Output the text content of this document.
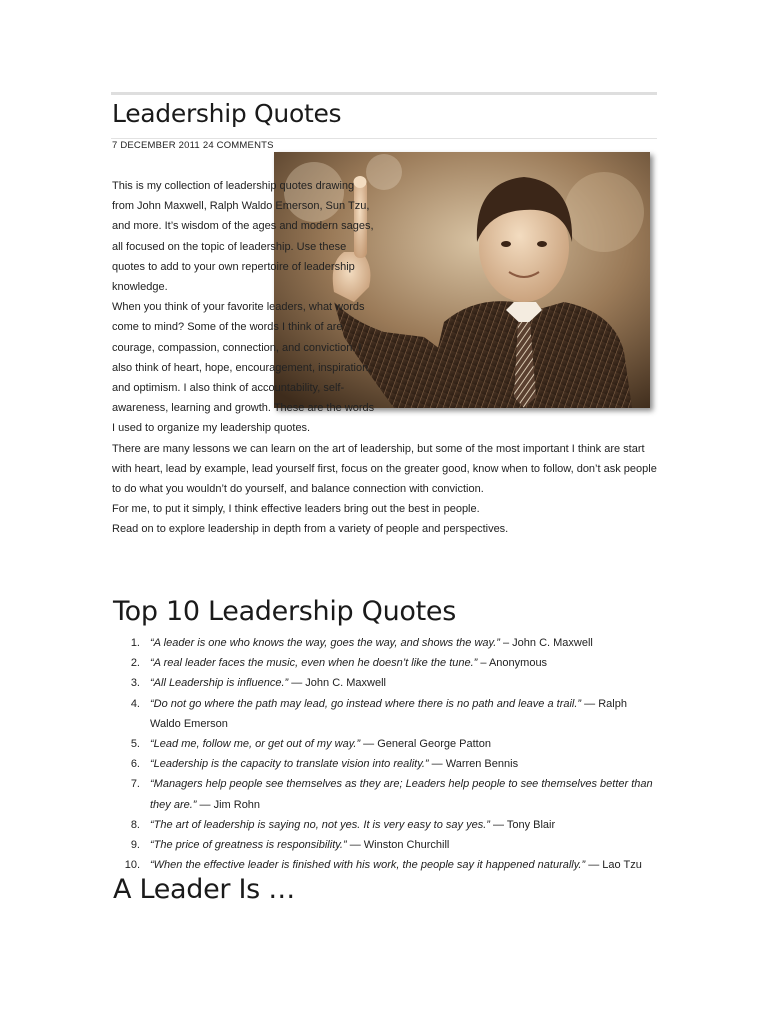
Leadership Quotes
7 DECEMBER 2011 24 COMMENTS

This is my collection of leadership quotes drawing from John Maxwell, Ralph Waldo Emerson, Sun Tzu, and more. It’s wisdom of the ages and modern sages, all focused on the topic of leadership. Use these quotes to add to your own repertoire of leadership knowledge.

When you think of your favorite leaders, what words come to mind? Some of the words I think of are courage, compassion, connection, and conviction. I also think of heart, hope, encouragement, inspiration, and optimism. I also think of accountability, self-awareness, learning and growth. These are the words I used to organize my leadership quotes.

There are many lessons we can learn on the art of leadership, but some of the most important I think are start with heart, lead by example, lead yourself first, focus on the greater good, know when to follow, don’t ask people to do what you wouldn’t do yourself, and balance connection with conviction.

For me, to put it simply, I think effective leaders bring out the best in people.

Read on to explore leadership in depth from a variety of people and perspectives.

Top 10 Leadership Quotes
1. “A leader is one who knows the way, goes the way, and shows the way.” – John C. Maxwell
2. “A real leader faces the music, even when he doesn’t like the tune.” – Anonymous
3. “All Leadership is influence.” — John C. Maxwell
4. “Do not go where the path may lead, go instead where there is no path and leave a trail.” — Ralph Waldo Emerson
5. “Lead me, follow me, or get out of my way.” — General George Patton
6. “Leadership is the capacity to translate vision into reality.” — Warren Bennis
7. “Managers help people see themselves as they are; Leaders help people to see themselves better than they are.” — Jim Rohn
8. “The art of leadership is saying no, not yes. It is very easy to say yes.” — Tony Blair
9. “The price of greatness is responsibility.” — Winston Churchill
10. “When the effective leader is finished with his work, the people say it happened naturally.” — Lao Tzu
A Leader Is …
